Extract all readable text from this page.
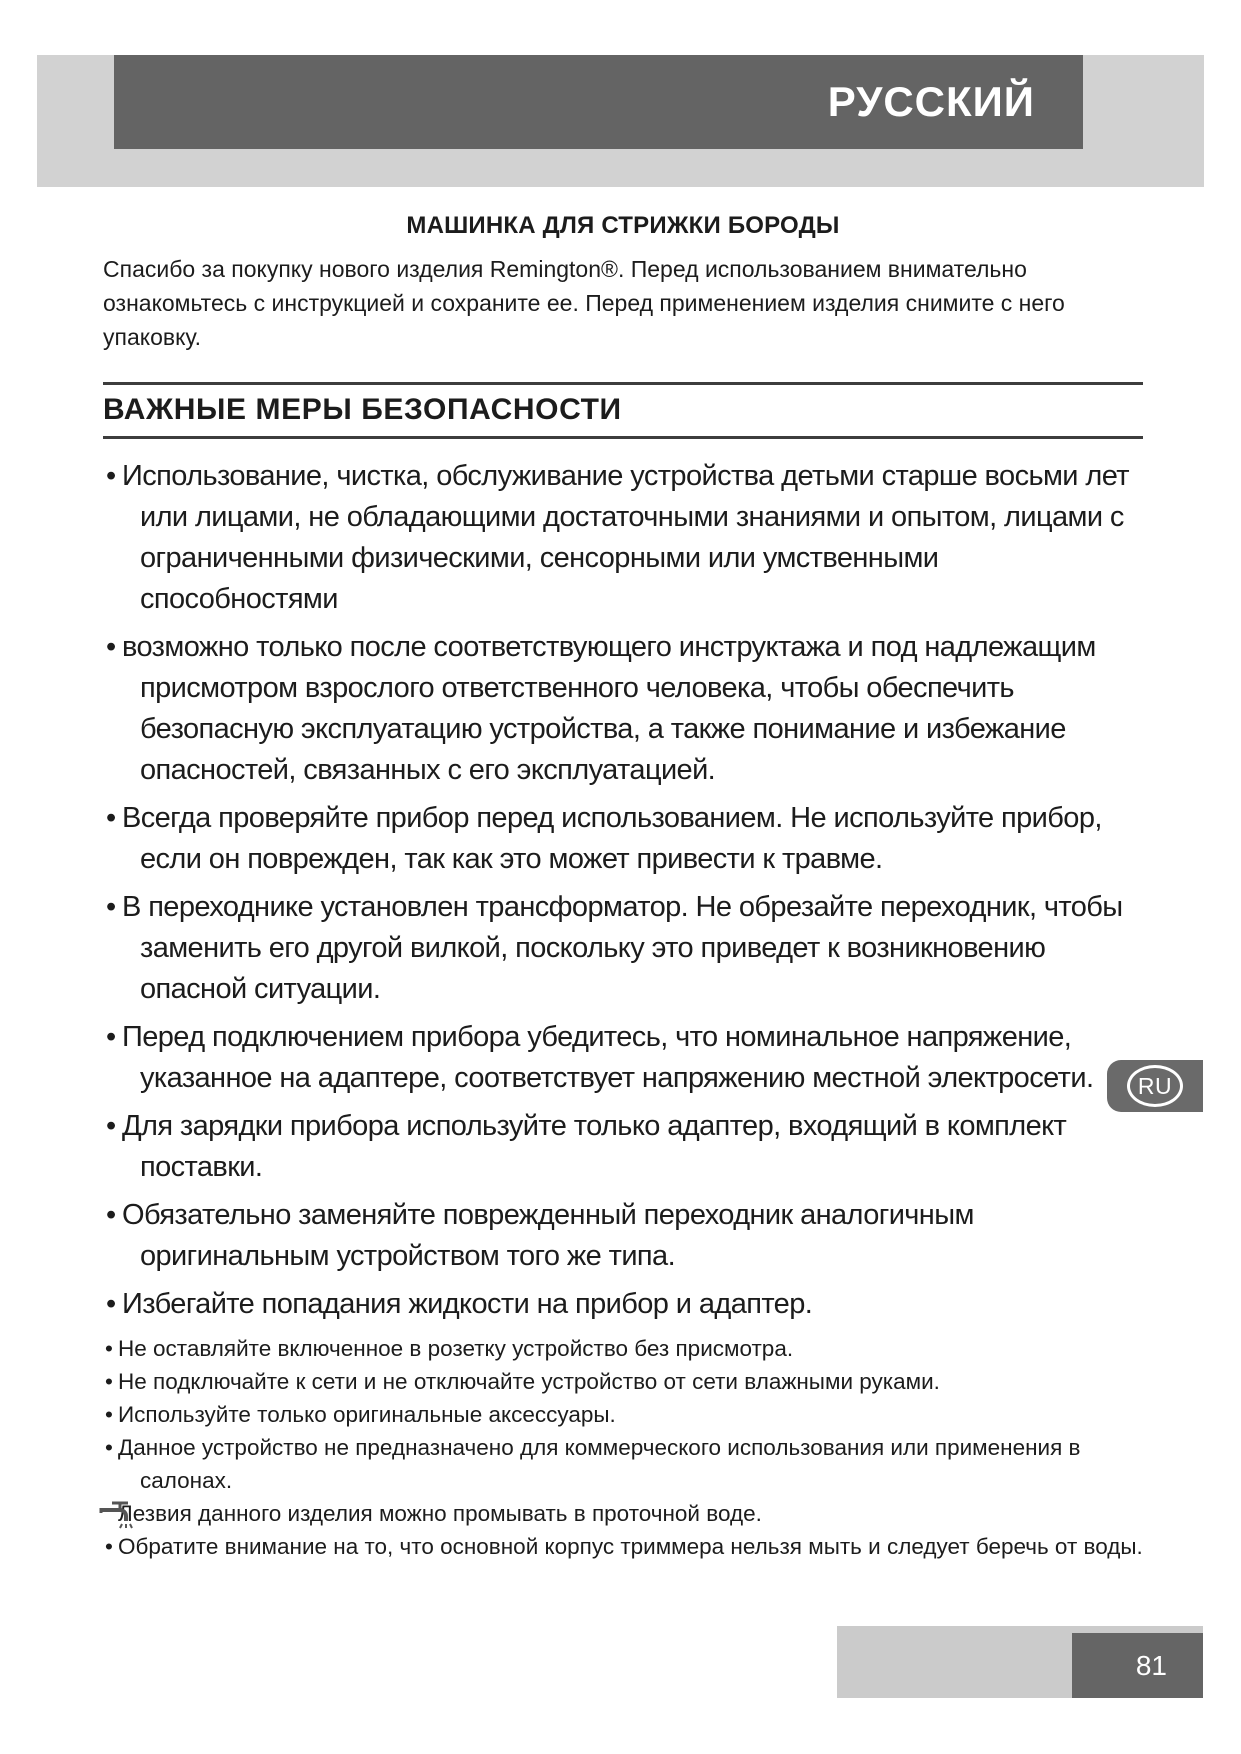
РУССКИЙ
МАШИНКА ДЛЯ СТРИЖКИ БОРОДЫ

Спасибо за покупку нового изделия Remington®. Перед использованием внимательно ознакомьтесь с инструкцией и сохраните ее. Перед применением изделия снимите с него упаковку.

ВАЖНЫЕ МЕРЫ БЕЗОПАСНОСТИ
• Использование, чистка, обслуживание устройства детьми старше восьми лет или лицами, не обладающими достаточными знаниями и опытом, лицами с ограниченными физическими, сенсорными или умственными способностями
• возможно только после соответствующего инструктажа и под надлежащим присмотром взрослого ответственного человека, чтобы обеспечить безопасную эксплуатацию устройства, а также понимание и избежание опасностей, связанных с его эксплуатацией.
• Всегда проверяйте прибор перед использованием. Не используйте прибор, если он поврежден, так как это может привести к травме.
• В переходнике установлен трансформатор. Не обрезайте переходник, чтобы заменить его другой вилкой, поскольку это приведет к возникновению опасной ситуации.
• Перед подключением прибора убедитесь, что номинальное напряжение, указанное на адаптере, соответствует напряжению местной электросети.
• Для зарядки прибора используйте только адаптер, входящий в комплект поставки.
• Обязательно заменяйте поврежденный переходник аналогичным оригинальным устройством того же типа.
• Избегайте попадания жидкости на прибор и адаптер.
• Не оставляйте включенное в розетку устройство без присмотра.
• Не подключайте к сети и не отключайте устройство от сети влажными руками.
• Используйте только оригинальные аксессуары.
• Данное устройство не предназначено для коммерческого использования или применения в салонах.
Лезвия данного изделия можно промывать в проточной воде.
• Обратите внимание на то, что основной корпус триммера нельзя мыть и следует беречь от воды.
RU
81
